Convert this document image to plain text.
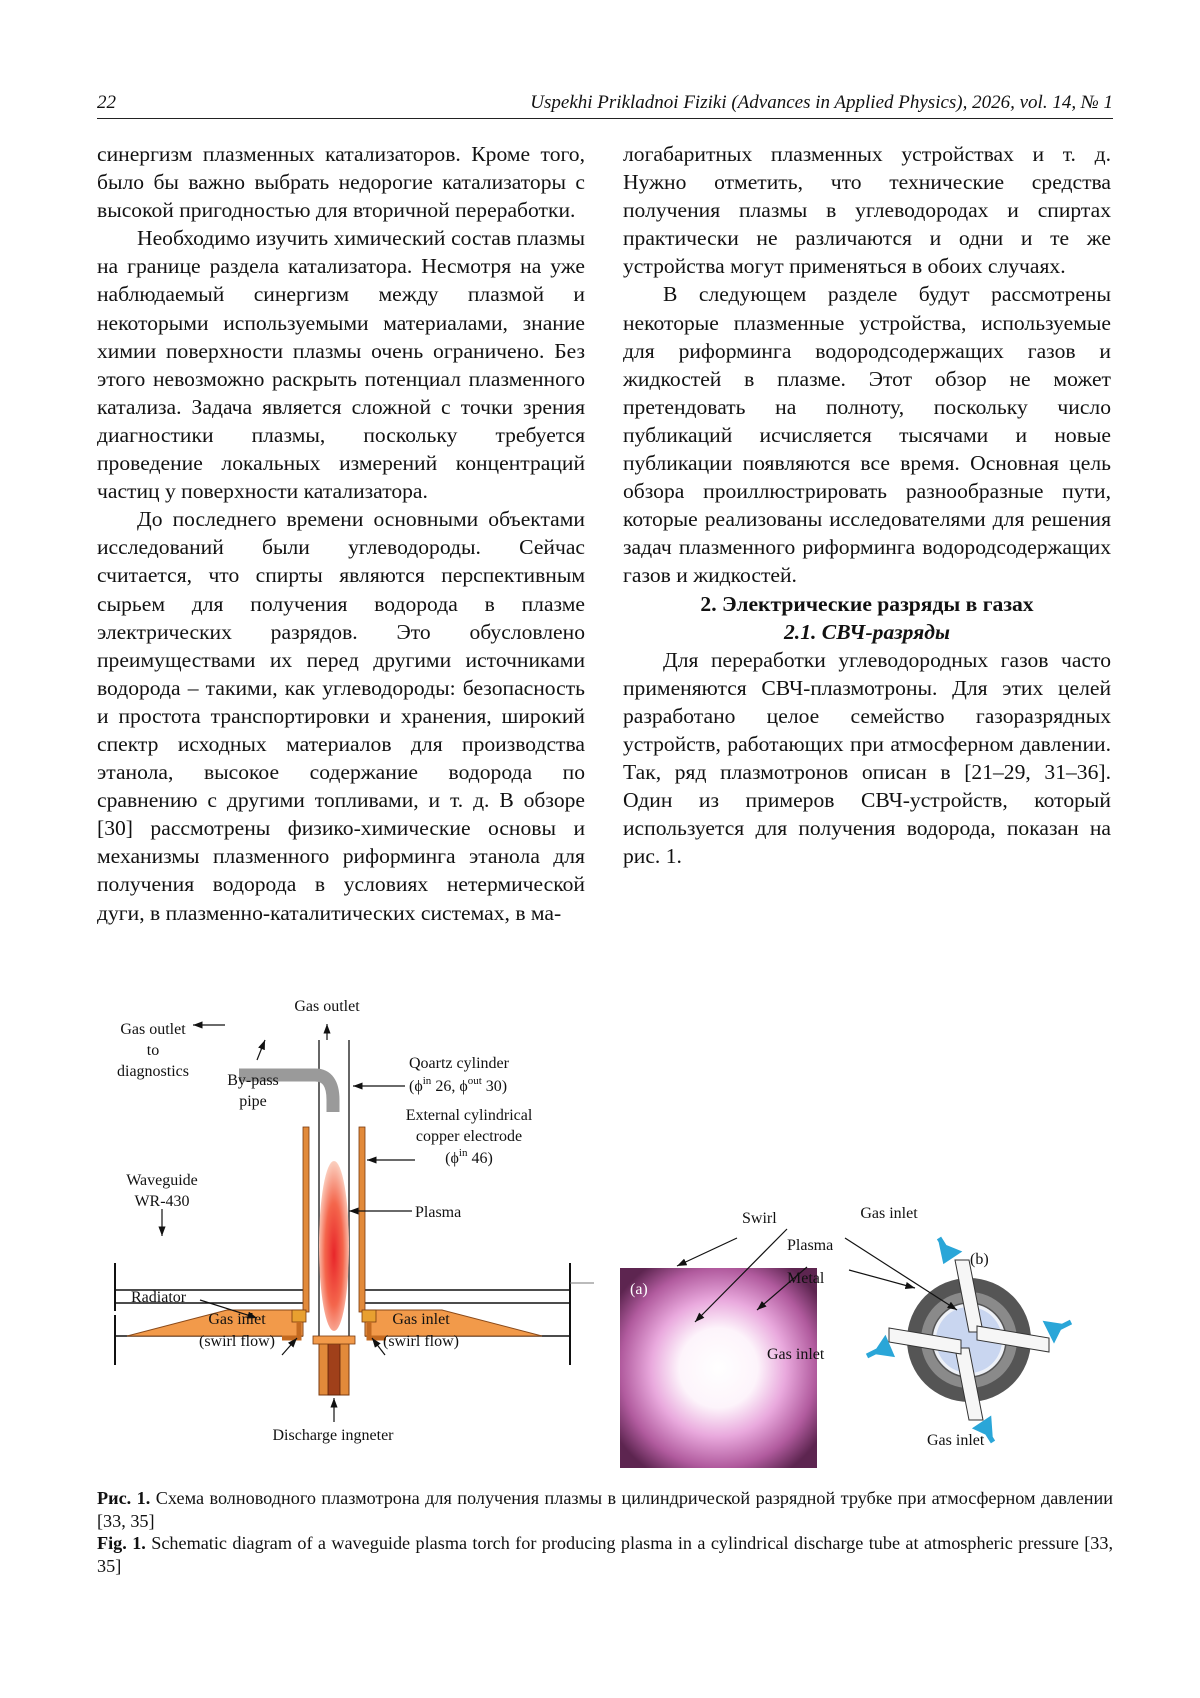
22	Uspekhi Prikladnoi Fiziki (Advances in Applied Physics), 2026, vol. 14, № 1

синергизм плазменных катализаторов. Кроме того, было бы важно выбрать недорогие катализаторы с высокой пригодностью для вторичной переработки.

Необходимо изучить химический состав плазмы на границе раздела катализатора. Несмотря на уже наблюдаемый синергизм между плазмой и некоторыми используемыми материалами, знание химии поверхности плазмы очень ограничено. Без этого невозможно раскрыть потенциал плазменного катализа. Задача является сложной с точки зрения диагностики плазмы, поскольку требуется проведение локальных измерений концентраций частиц у поверхности катализатора.

До последнего времени основными объектами исследований были углеводороды. Сейчас считается, что спирты являются перспективным сырьем для получения водорода в плазме электрических разрядов. Это обусловлено преимуществами их перед другими источниками водорода – такими, как углеводороды: безопасность и простота транспортировки и хранения, широкий спектр исходных материалов для производства этанола, высокое содержание водорода по сравнению с другими топливами, и т. д. В обзоре [30] рассмотрены физико-химические основы и механизмы плазменного риформинга этанола для получения водорода в условиях нетермической дуги, в плазменно-каталитических системах, в ма-

логабаритных плазменных устройствах и т. д. Нужно отметить, что технические средства получения плазмы в углеводородах и спиртах практически не различаются и одни и те же устройства могут применяться в обоих случаях.

В следующем разделе будут рассмотрены некоторые плазменные устройства, используемые для риформинга водородсодержащих газов и жидкостей в плазме. Этот обзор не может претендовать на полноту, поскольку число публикаций исчисляется тысячами и новые публикации появляются все время. Основная цель обзора проиллюстрировать разнообразные пути, которые реализованы исследователями для решения задач плазменного риформинга водородсодержащих газов и жидкостей.

2. Электрические разряды в газах

2.1. СВЧ-разряды

Для переработки углеводородных газов часто применяются СВЧ-плазмотроны. Для этих целей разработано целое семейство газоразрядных устройств, работающих при атмосферном давлении. Так, ряд плазмотронов описан в [21–29, 31–36]. Один из примеров СВЧ-устройств, который используется для получения водорода, показан на рис. 1.

Gas outlet
Gas outlet
to
diagnostics
By-pass
pipe
Qoartz cylinder
($\phi^{in}$ 26, $\phi^{out}$ 30)
External cylindrical
copper electrode
($\phi^{in}$ 46)
Plasma
Waveguide
WR-430
Radiator
Gas inlet
(swirl flow)
Gas inlet
(swirl flow)
Discharge ingneter
(a)
Swirl
Plasma
Metal
Gas inlet
Gas inlet
Gas inlet
(b)

Рис. 1. Схема волноводного плазмотрона для получения плазмы в цилиндрической разрядной трубке при атмосферном давлении [33, 35]

Fig. 1. Schematic diagram of a waveguide plasma torch for producing plasma in a cylindrical discharge tube at atmospheric pressure [33, 35]
